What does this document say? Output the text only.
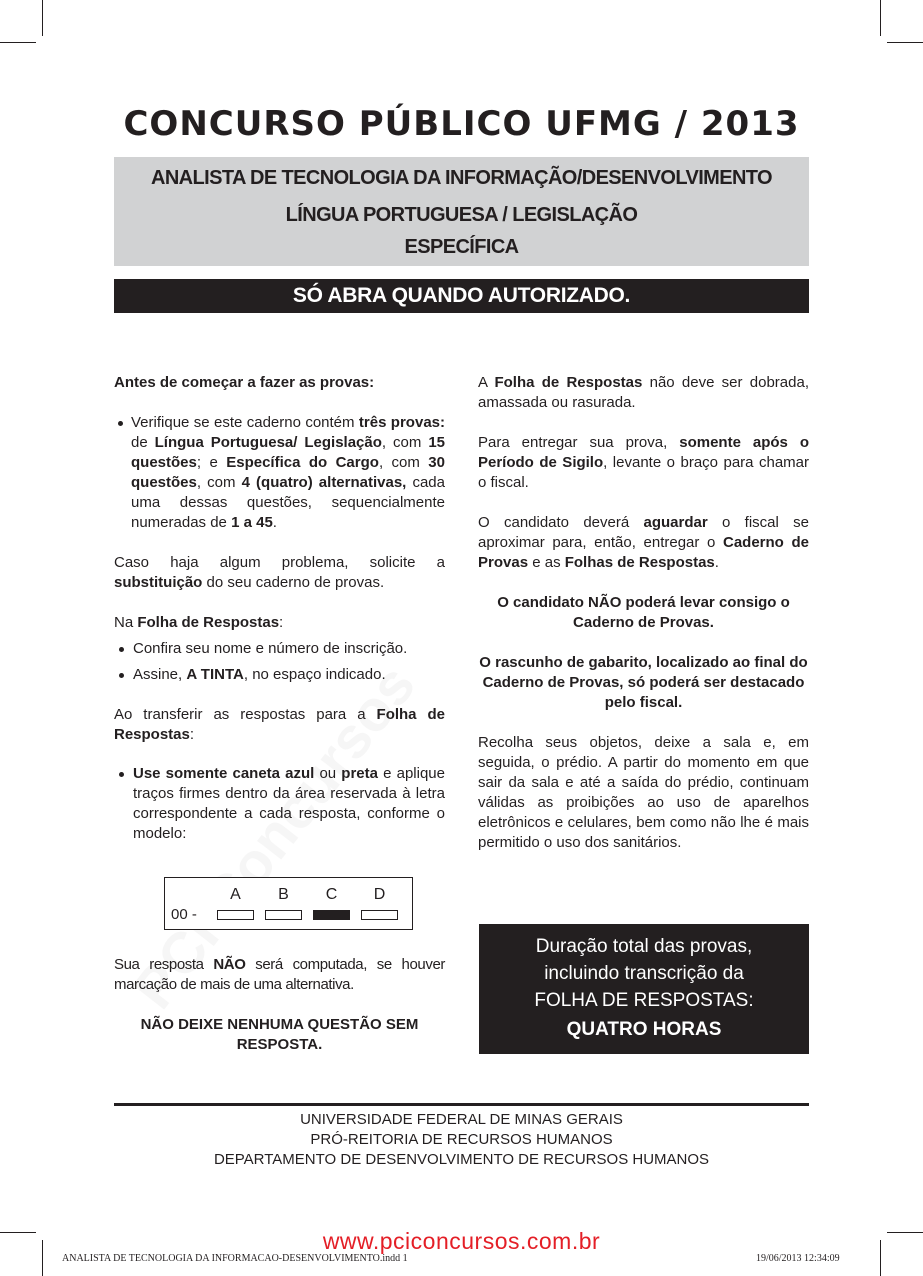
CONCURSO PÚBLICO UFMG / 2013
ANALISTA DE TECNOLOGIA DA INFORMAÇÃO/DESENVOLVIMENTO
LÍNGUA PORTUGUESA / LEGISLAÇÃO
ESPECÍFICA
SÓ ABRA QUANDO AUTORIZADO.

Antes de começar a fazer as provas:

Verifique se este caderno contém três provas: de Língua Portuguesa/ Legislação, com 15 questões; e Específica do Cargo, com 30 questões, com 4 (quatro) alternativas, cada uma dessas questões, sequencialmente numeradas de 1 a 45.

Caso haja algum problema, solicite a substituição do seu caderno de provas.

Na Folha de Respostas:

Confira seu nome e número de inscrição.
Assine, A TINTA, no espaço indicado.

Ao transferir as respostas para a Folha de Respostas:

Use somente caneta azul ou preta e aplique traços firmes dentro da área reservada à letra correspondente a cada resposta, conforme o modelo:
00 -
A	B	C	D

Sua resposta NÃO será computada, se houver marcação de mais de uma alternativa.

NÃO DEIXE NENHUMA QUESTÃO SEM RESPOSTA.

A Folha de Respostas não deve ser dobrada, amassada ou rasurada.

Para entregar sua prova, somente após o Período de Sigilo, levante o braço para chamar o fiscal.

O candidato deverá aguardar o fiscal se aproximar para, então, entregar o Caderno de Provas e as Folhas de Respostas.

O candidato NÃO poderá levar consigo o Caderno de Provas.

O rascunho de gabarito, localizado ao final do Caderno de Provas, só poderá ser destacado pelo fiscal.

Recolha seus objetos, deixe a sala e, em seguida, o prédio. A partir do momento em que sair da sala e até a saída do prédio, continuam válidas as proibições ao uso de aparelhos eletrônicos e celulares, bem como não lhe é mais permitido o uso dos sanitários.

Duração total das provas,
incluindo transcrição da
FOLHA DE RESPOSTAS:
QUATRO HORAS
UNIVERSIDADE FEDERAL DE MINAS GERAIS
PRÓ-REITORIA DE RECURSOS HUMANOS
DEPARTAMENTO DE DESENVOLVIMENTO DE RECURSOS HUMANOS
www.pciconcursos.com.br
ANALISTA DE TECNOLOGIA DA INFORMACAO-DESENVOLVIMENTO.indd 1	19/06/2013 12:34:09
